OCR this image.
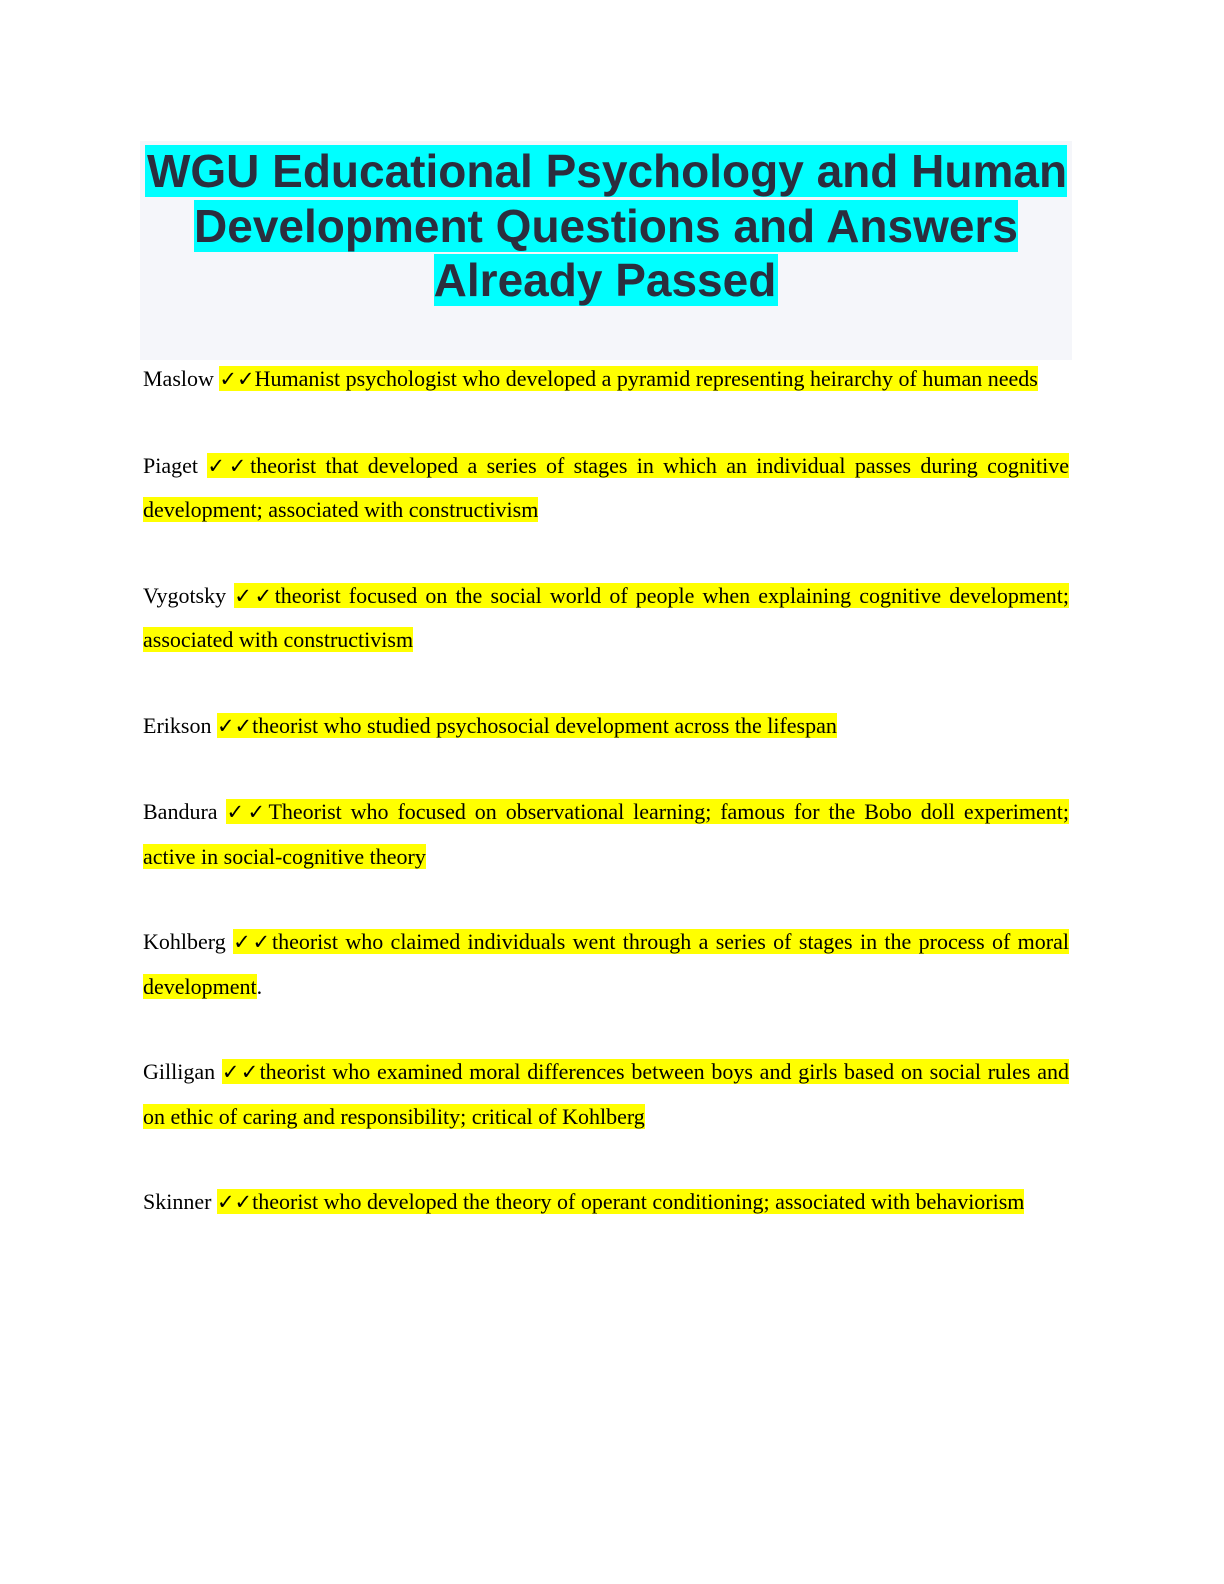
WGU Educational Psychology and Human Development Questions and Answers Already Passed

Maslow ✓✓Humanist psychologist who developed a pyramid representing heirarchy of human needs

Piaget ✓✓theorist that developed a series of stages in which an individual passes during cognitive development; associated with constructivism

Vygotsky ✓✓theorist focused on the social world of people when explaining cognitive development; associated with constructivism

Erikson ✓✓theorist who studied psychosocial development across the lifespan

Bandura ✓✓Theorist who focused on observational learning; famous for the Bobo doll experiment; active in social-cognitive theory

Kohlberg ✓✓theorist who claimed individuals went through a series of stages in the process of moral development.

Gilligan ✓✓theorist who examined moral differences between boys and girls based on social rules and on ethic of caring and responsibility; critical of Kohlberg

Skinner ✓✓theorist who developed the theory of operant conditioning; associated with behaviorism
